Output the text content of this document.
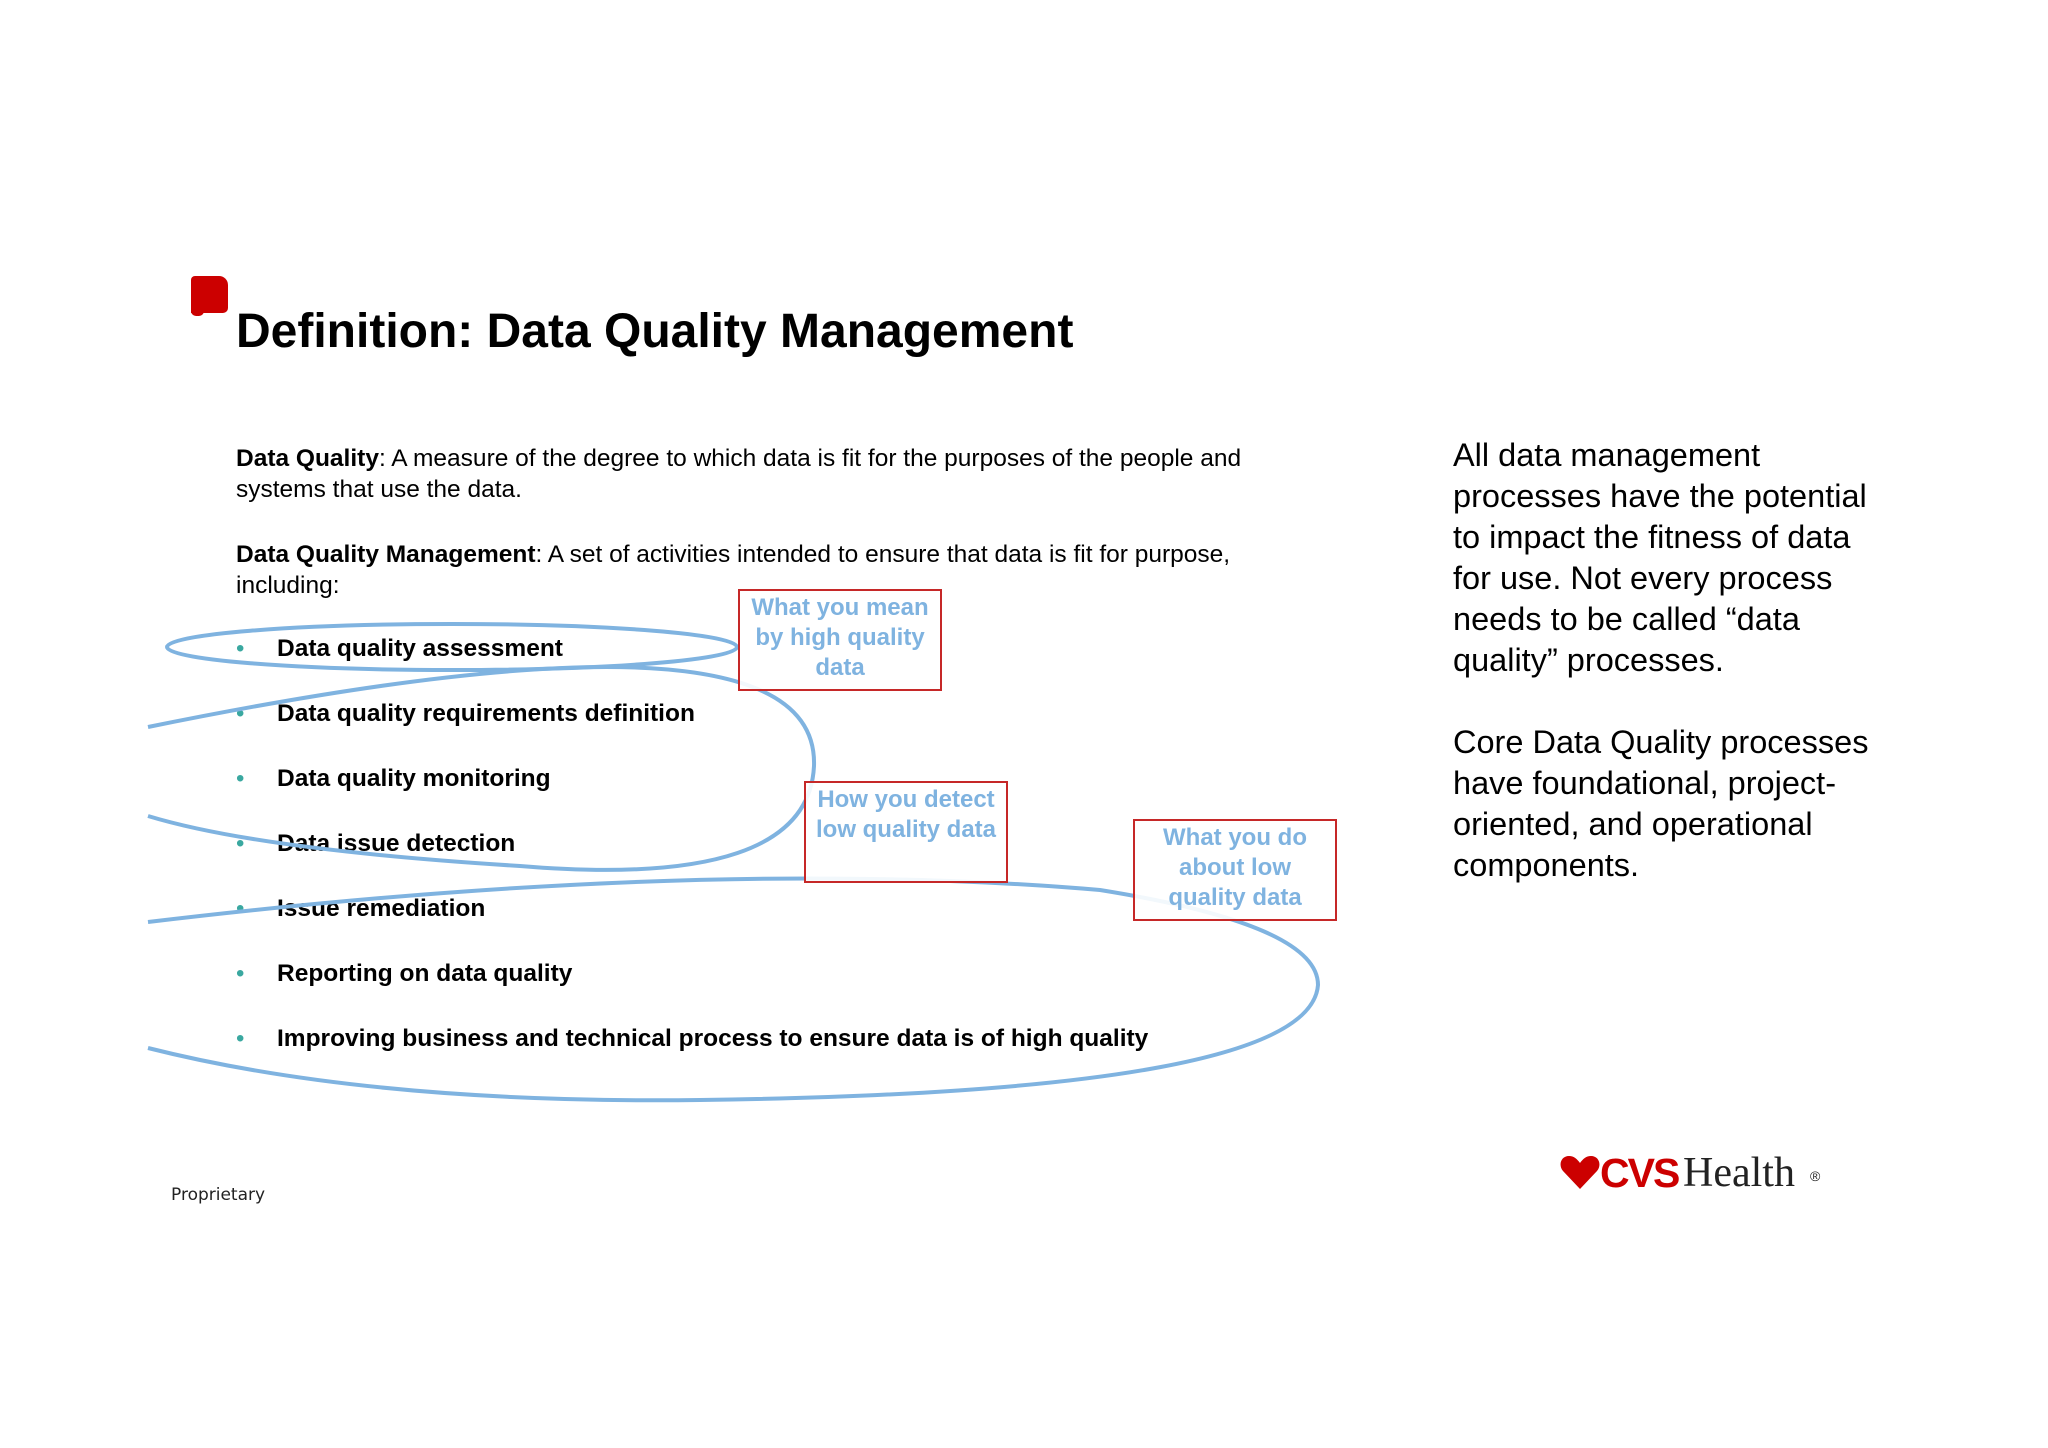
Definition: Data Quality Management
Data Quality: A measure of the degree to which data is fit for the purposes of the people and systems that use the data.
Data Quality Management: A set of activities intended to ensure that data is fit for purpose, including:
• Data quality assessment
• Data quality requirements definition
• Data quality monitoring
• Data issue detection
• Issue remediation
• Reporting on data quality
• Improving business and technical process to ensure data is of high quality
What you mean
by high quality
data
How you detect
low quality data	What you do
about low
quality data
All data management processes have the potential to impact the fitness of data for use. Not every process needs to be called “data quality” processes.
Core Data Quality processes have foundational, project-oriented, and operational components.
Proprietary	CVS Health ®
